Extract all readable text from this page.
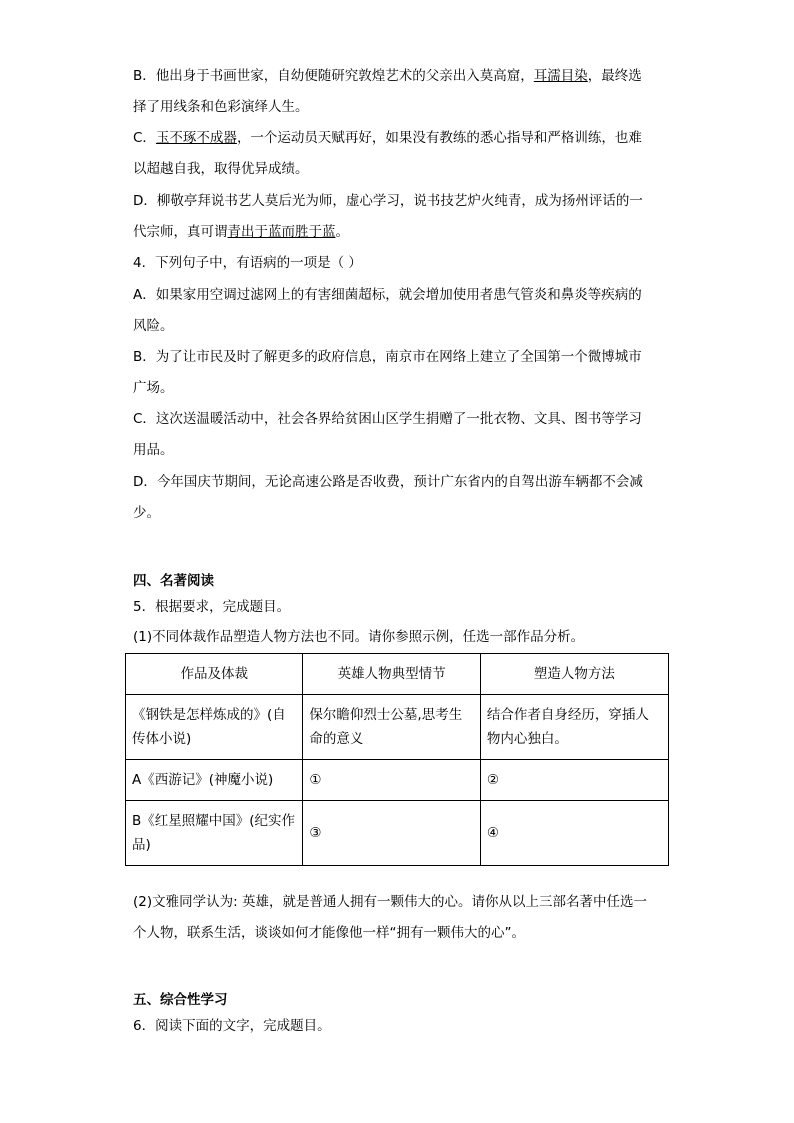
B．他出身于书画世家，自幼便随研究敦煌艺术的父亲出入莫高窟，耳濡目染，最终选
择了用线条和色彩演绎人生。
C．玉不琢不成器，一个运动员天赋再好，如果没有教练的悉心指导和严格训练，也难
以超越自我，取得优异成绩。
D．柳敬亭拜说书艺人莫后光为师，虚心学习，说书技艺炉火纯青，成为扬州评话的一
代宗师，真可谓青出于蓝而胜于蓝。
4．下列句子中，有语病的一项是（ ）
A．如果家用空调过滤网上的有害细菌超标，就会增加使用者患气管炎和鼻炎等疾病的
风险。
B．为了让市民及时了解更多的政府信息，南京市在网络上建立了全国第一个微博城市
广场。
C．这次送温暖活动中，社会各界给贫困山区学生捐赠了一批衣物、文具、图书等学习
用品。
D．今年国庆节期间，无论高速公路是否收费，预计广东省内的自驾出游车辆都不会减
少。
四、名著阅读
5．根据要求，完成题目。
(1)不同体裁作品塑造人物方法也不同。请你参照示例，任选一部作品分析。
作品及体裁	英雄人物典型情节	塑造人物方法
《钢铁是怎样炼成的》(自传体小说)	保尔瞻仰烈士公墓,思考生命的意义	结合作者自身经历，穿插人物内心独白。
A《西游记》(神魔小说)	①	②
B《红星照耀中国》(纪实作品)	③	④
(2)文雅同学认为: 英雄，就是普通人拥有一颗伟大的心。请你从以上三部名著中任选一
个人物，联系生活，谈谈如何才能像他一样“拥有一颗伟大的心”。
五、综合性学习
6．阅读下面的文字，完成题目。
